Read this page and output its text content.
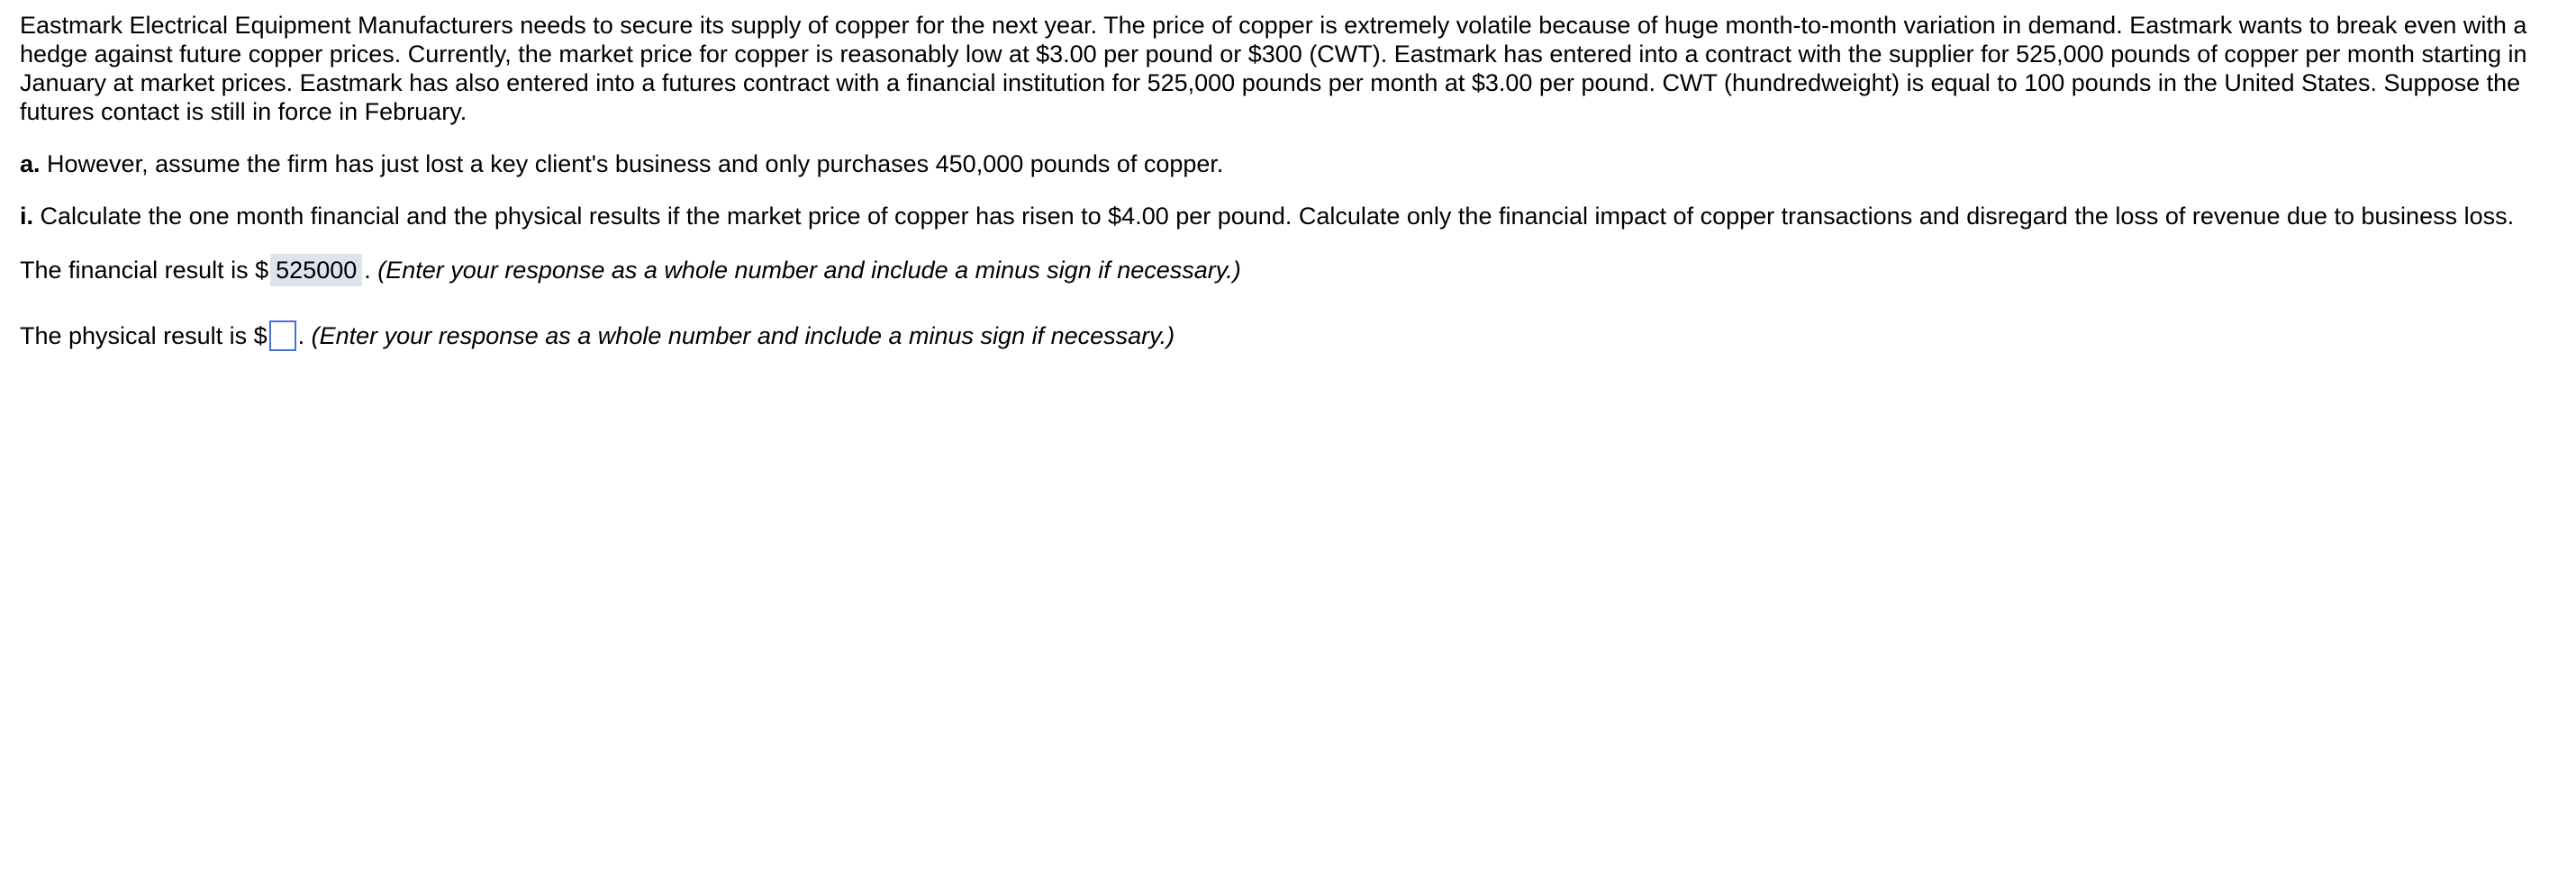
Eastmark Electrical Equipment Manufacturers needs to secure its supply of copper for the next year. The price of copper is extremely volatile because of huge month-to-month variation in demand. Eastmark wants to break even with a hedge against future copper prices. Currently, the market price for copper is reasonably low at $3.00 per pound or $300 (CWT). Eastmark has entered into a contract with the supplier for 525,000 pounds of copper per month starting in January at market prices. Eastmark has also entered into a futures contract with a financial institution for 525,000 pounds per month at $3.00 per pound. CWT (hundredweight) is equal to 100 pounds in the United States. Suppose the futures contact is still in force in February.

a. However, assume the firm has just lost a key client's business and only purchases 450,000 pounds of copper.

i. Calculate the one month financial and the physical results if the market price of copper has risen to $4.00 per pound. Calculate only the financial impact of copper transactions and disregard the loss of revenue due to business loss.

The financial result is $ 525000 . (Enter your response as a whole number and include a minus sign if necessary.)

The physical result is $ . (Enter your response as a whole number and include a minus sign if necessary.)
